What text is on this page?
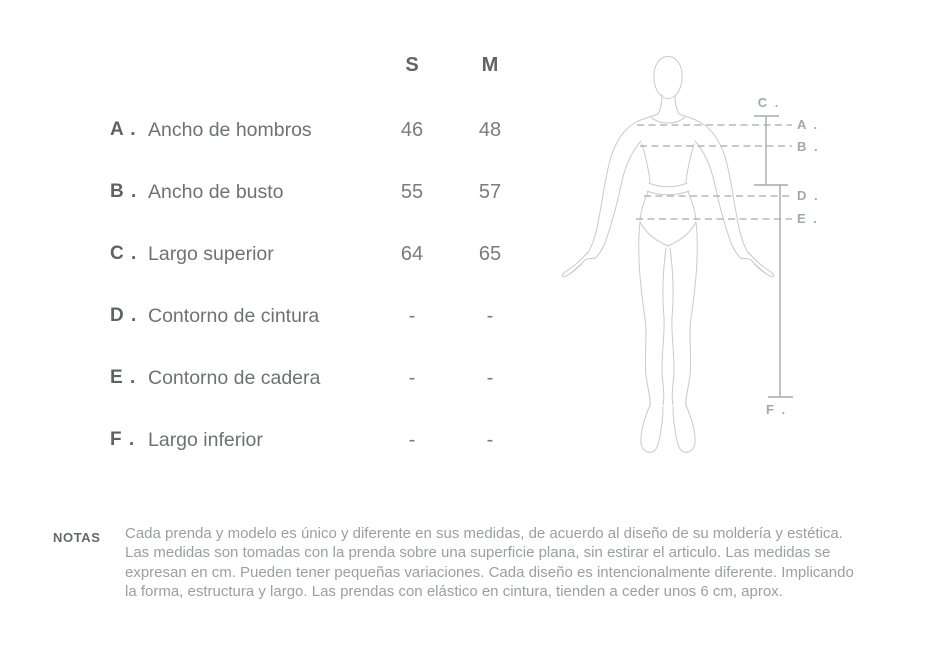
S	M
A . Ancho de hombros	46	48
B . Ancho de busto	55	57
C . Largo superior	64	65
D . Contorno de cintura	-	-
E . Contorno de cadera	-	-
F . Largo inferior	-	-
C .
A .
B .
D .
E .
F .
NOTAS Cada prenda y modelo es único y diferente en sus medidas, de acuerdo al diseño de su moldería y estética. Las medidas son tomadas con la prenda sobre una superficie plana, sin estirar el articulo. Las medidas se expresan en cm. Pueden tener pequeñas variaciones. Cada diseño es intencionalmente diferente. Implicando la forma, estructura y largo. Las prendas con elástico en cintura, tienden a ceder unos 6 cm, aprox.
